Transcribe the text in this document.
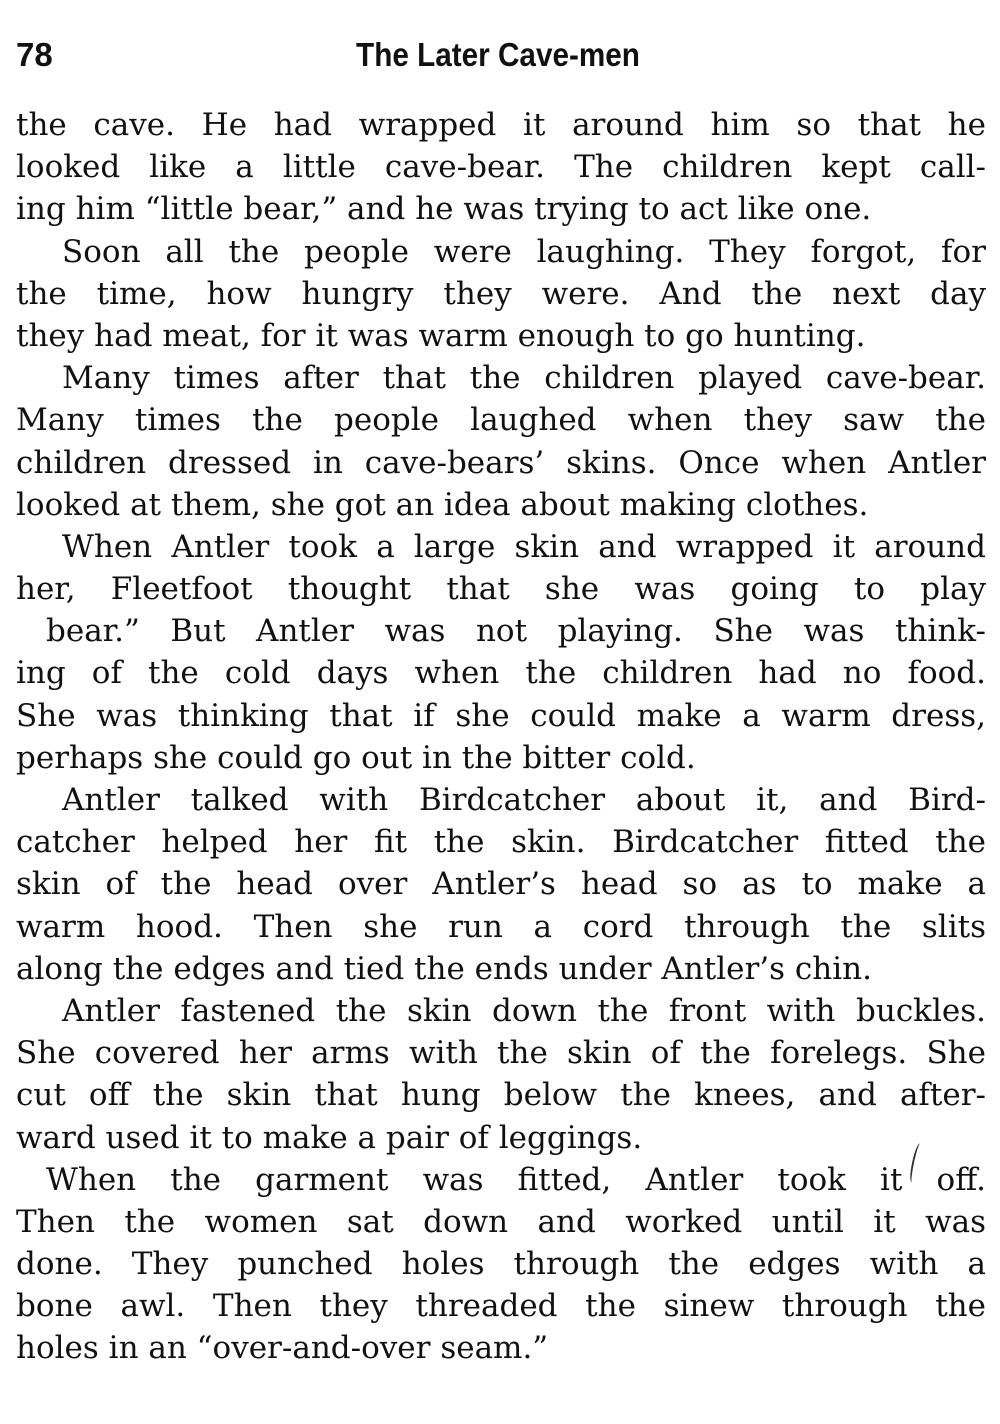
78	The Later Cave-men
the cave. He had wrapped it around him so that he
looked like a little cave-bear. The children kept call-
ing him “little bear,” and he was trying to act like one.
Soon all the people were laughing. They forgot, for
the time, how hungry they were. And the next day
they had meat, for it was warm enough to go hunting.
Many times after that the children played cave-bear.
Many times the people laughed when they saw the
children dressed in cave-bears’ skins. Once when Antler
looked at them, she got an idea about making clothes.
When Antler took a large skin and wrapped it around
her, Fleetfoot thought that she was going to play
bear.” But Antler was not playing. She was think-
ing of the cold days when the children had no food.
She was thinking that if she could make a warm dress,
perhaps she could go out in the bitter cold.
Antler talked with Birdcatcher about it, and Bird-
catcher helped her fit the skin. Birdcatcher fitted the
skin of the head over Antler’s head so as to make a
warm hood. Then she run a cord through the slits
along the edges and tied the ends under Antler’s chin.
Antler fastened the skin down the front with buckles.
She covered her arms with the skin of the forelegs. She
cut off the skin that hung below the knees, and after-
ward used it to make a pair of leggings.
When the garment was fitted, Antler took it off.
Then the women sat down and worked until it was
done. They punched holes through the edges with a
bone awl. Then they threaded the sinew through the
holes in an “over-and-over seam.”
